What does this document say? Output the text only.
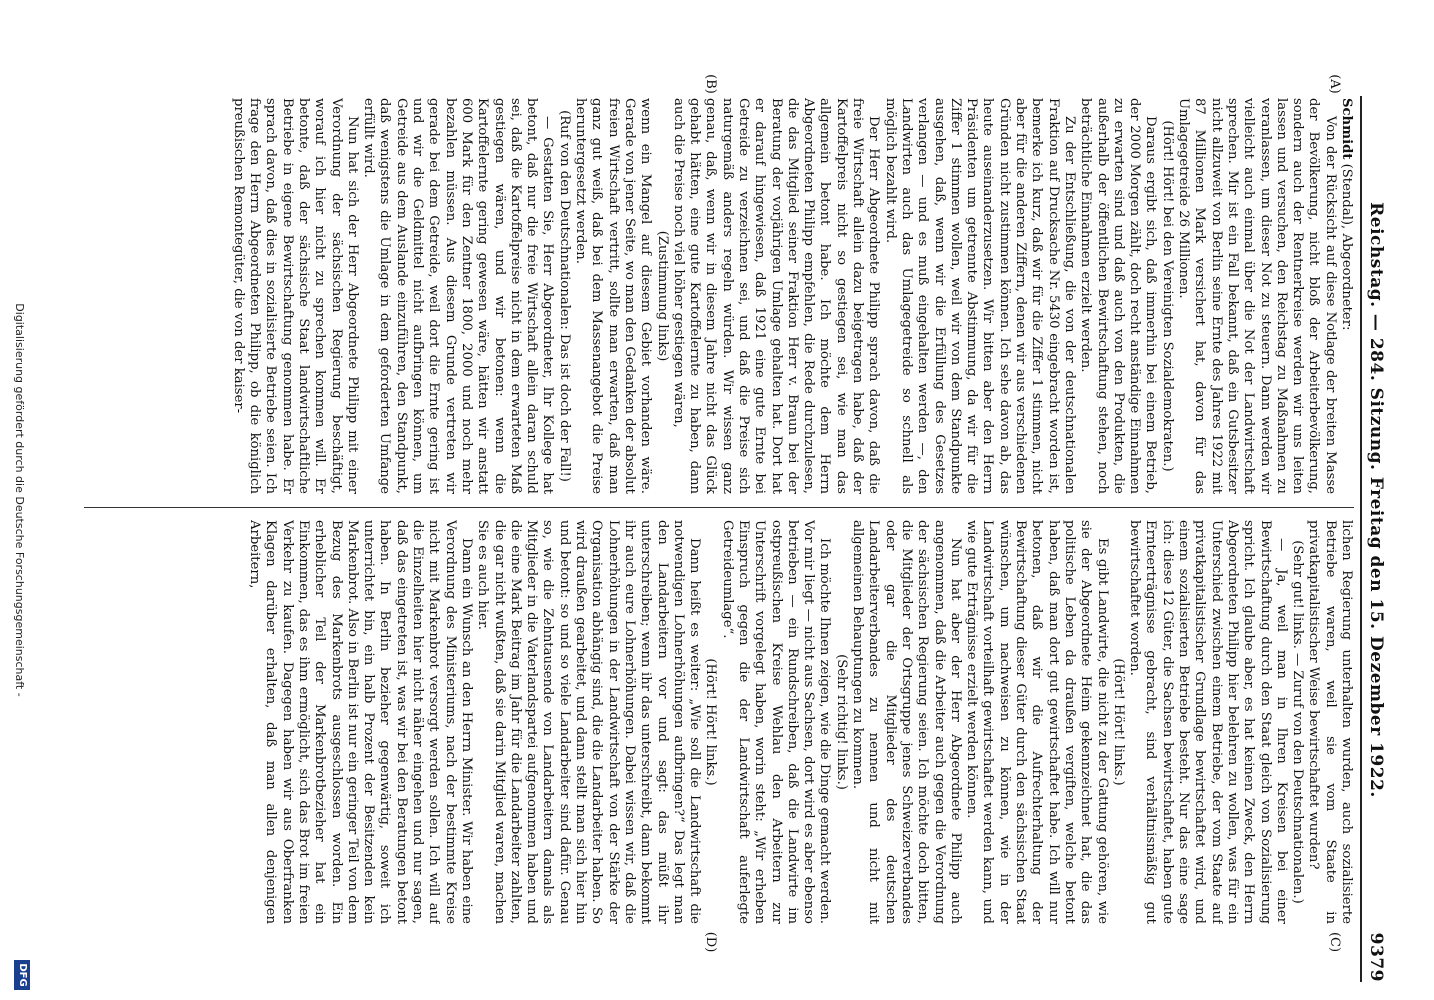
Reichstag. — 284. Sitzung. Freitag den 15. Dezember 1922.
9379
(A)
(B)
(C)
(D)

Schmidt (Stendal), Abgeordneter:

Von der Rücksicht auf diese Notlage der breiten Masse der Bevölkerung, nicht bloß der Arbeiterbevölkerung, sondern auch der Rentnerkreise werden wir uns leiten lassen und versuchen, den Reichstag zu Maßnahmen zu veranlassen, um dieser Not zu steuern. Dann werden wir vielleicht auch einmal über die Not der Landwirtschaft sprechen. Mir ist ein Fall bekannt, daß ein Gutsbesitzer nicht allzuweit von Berlin seine Ernte des Jahres 1922 mit 87 Millionen Mark versichert hat, davon für das Umlagegetreide 26 Millionen.

(Hört! Hört! bei den Vereinigten Sozialdemokraten.)

Daraus ergibt sich, daß immerhin bei einem Betrieb, der 2000 Morgen zählt, doch recht anständige Einnahmen zu erwarten sind und daß auch von den Produkten, die außerhalb der öffentlichen Bewirtschaftung stehen, noch beträchtliche Einnahmen erzielt werden.

Zu der Entschließung, die von der deutschnationalen Fraktion auf Drucksache Nr. 5430 eingebracht worden ist, bemerke ich kurz, daß wir für die Ziffer 1 stimmen, nicht aber für die anderen Ziffern, denen wir aus verschiedenen Gründen nicht zustimmen können. Ich sehe davon ab, das heute auseinanderzusetzen. Wir bitten aber den Herrn Präsidenten um getrennte Abstimmung, da wir für die Ziffer 1 stimmen wollen, weil wir von dem Standpunkte ausgehen, daß, wenn wir die Erfüllung des Gesetzes verlangen — und es muß eingehalten werden —, den Landwirten auch das Umlagegetreide so schnell als möglich bezahlt wird.

Der Herr Abgeordnete Philipp sprach davon, daß die freie Wirtschaft allein dazu beigetragen habe, daß der Kartoffelpreis nicht so gestiegen sei, wie man das allgemein betont habe. Ich möchte dem Herrn Abgeordneten Philipp empfehlen, die Rede durchzulesen, die das Mitglied seiner Fraktion Herr v. Braun bei der Beratung der vorjährigen Umlage gehalten hat. Dort hat er darauf hingewiesen, daß 1921 eine gute Ernte bei Getreide zu verzeichnen sei, und daß die Preise sich naturgemäß anders regeln würden. Wir wissen ganz genau, daß, wenn wir in diesem Jahre nicht das Glück gehabt hätten, eine gute Kartoffelernte zu haben, dann auch die Preise noch viel höher gestiegen wären,

(Zustimmung links)

wenn ein Mangel auf diesem Gebiet vorhanden wäre. Gerade von jener Seite, wo man den Gedanken der absolut freien Wirtschaft vertritt, sollte man erwarten, daß man ganz gut weiß, daß bei dem Massenangebot die Preise heruntergesetzt werden.

(Ruf von den Deutschnationalen: Das ist doch der Fall!)

— Gestatten Sie, Herr Abgeordneter, Ihr Kollege hat betont, daß nur die freie Wirtschaft allein daran schuld sei, daß die Kartoffelpreise nicht in dem erwarteten Maß gestiegen wären, und wir betonen: wenn die Kartoffelernte gering gewesen wäre, hätten wir anstatt 600 Mark für den Zentner 1800, 2000 und noch mehr bezahlen müssen. Aus diesem Grunde vertreten wir gerade bei dem Getreide, weil dort die Ernte gering ist und wir die Geldmittel nicht aufbringen können, um Getreide aus dem Auslande einzuführen, den Standpunkt, daß wenigstens die Umlage in dem geforderten Umfange erfüllt wird.

Nun hat sich der Herr Abgeordnete Philipp mit einer Verordnung der sächsischen Regierung beschäftigt, worauf ich hier nicht zu sprechen kommen will. Er betonte, daß der sächsische Staat landwirtschaftliche Betriebe in eigene Bewirtschaftung genommen habe. Er sprach davon, daß dies in sozialisierte Betriebe seien. Ich frage den Herrn Abgeordneten Philipp, ob die königlich preußischen Remontegüter, die von der kaiser-

lichen Regierung unterhalten wurden, auch sozialisierte Betriebe waren, weil sie vom Staate in privatkapitalistischer Weise bewirtschaftet wurden?

(Sehr gut! links. — Zuruf von den Deutschnationalen.)

— Ja, weil man in Ihren Kreisen bei einer Bewirtschaftung durch den Staat gleich von Sozialisierung spricht. Ich glaube aber, es hat keinen Zweck, den Herrn Abgeordneten Philipp hier belehren zu wollen, was für ein Unterschied zwischen einem Betriebe, der vom Staate auf privatkapitalistischer Grundlage bewirtschaftet wird, und einem sozialisierten Betriebe besteht. Nur das eine sage ich: diese 12 Güter, die Sachsen bewirtschaftet, haben gute Ernteerträgnisse gebracht, sind verhältnismäßig gut bewirtschaftet worden.

(Hört! Hört! links.)

Es gibt Landwirte, die nicht zu der Gattung gehören, wie sie der Abgeordnete Heim gekennzeichnet hat, die das politische Leben da draußen vergiften, welche betont haben, daß man dort gut gewirtschaftet habe. Ich will nur betonen, daß wir die Aufrechterhaltung der Bewirtschaftung dieser Güter durch den sächsischen Staat wünschen, um nachweisen zu können, wie in der Landwirtschaft vorteilhaft gewirtschaftet werden kann, und wie gute Erträgnisse erzielt werden können.

Nun hat aber der Herr Abgeordnete Philipp auch angenommen, daß die Arbeiter auch gegen die Verordnung der sächsischen Regierung seien. Ich möchte doch bitten, die Mitglieder der Ortsgruppe jenes Schweizerverbandes oder gar die Mitglieder des deutschen Landarbeiterverbandes zu nennen und nicht mit allgemeinen Behauptungen zu kommen.

(Sehr richtig! links.)

Ich möchte Ihnen zeigen, wie die Dinge gemacht werden. Vor mir liegt — nicht aus Sachsen, dort wird es aber ebenso betrieben — ein Rundschreiben, daß die Landwirte im ostpreußischen Kreise Wehlau den Arbeitern zur Unterschrift vorgelegt haben, worin steht: „Wir erheben Einspruch gegen die der Landwirtschaft auferlegte Getreideumlage“.

(Hört! Hört! links.)

Dann heißt es weiter: „Wie soll die Landwirtschaft die notwendigen Lohnerhöhungen aufbringen?“ Das legt man den Landarbeitern vor und sagt: das müßt ihr unterschreiben; wenn ihr das unterschreibt, dann bekommt ihr auch eure Lohnerhöhungen. Dabei wissen wir, daß die Lohnerhöhungen in der Landwirtschaft von der Stärke der Organisation abhängig sind, die die Landarbeiter haben. So wird draußen gearbeitet, und dann stellt man sich hier hin und betont: so und so viele Landarbeiter sind dafür. Genau so, wie die Zehntausende von Landarbeitern damals als Mitglieder in die Vaterlandspartei aufgenommen haben und die eine Mark Beitrag im Jahr für die Landarbeiter zahlten, die gar nicht wußten, daß sie darin Mitglied waren, machen Sie es auch hier.

Dann ein Wunsch an den Herrn Minister. Wir haben eine Verordnung des Ministeriums, nach der bestimmte Kreise nicht mit Markenbrot versorgt werden sollen. Ich will auf die Einzelheiten hier nicht näher eingehen und nur sagen, daß das eingetreten ist, was wir bei den Beratungen betont haben. In Berlin bezieher gegenwärtig, soweit ich unterrichtet bin, ein halb Prozent der Besitzenden kein Markenbrot. Also in Berlin ist nur ein geringer Teil von dem Bezug des Markenbrots ausgeschlossen worden. Ein erheblicher Teil der Markenbrotbezieher hat ein Einkommen, das es ihm ermöglicht, sich das Brot im freien Verkehr zu kaufen. Dagegen haben wir aus Oberfranken Klagen darüber erhalten, daß man allen denjenigen Arbeitern,

Digitalisierung gefördert durch die Deutsche Forschungsgemeinschaft -
DFG
